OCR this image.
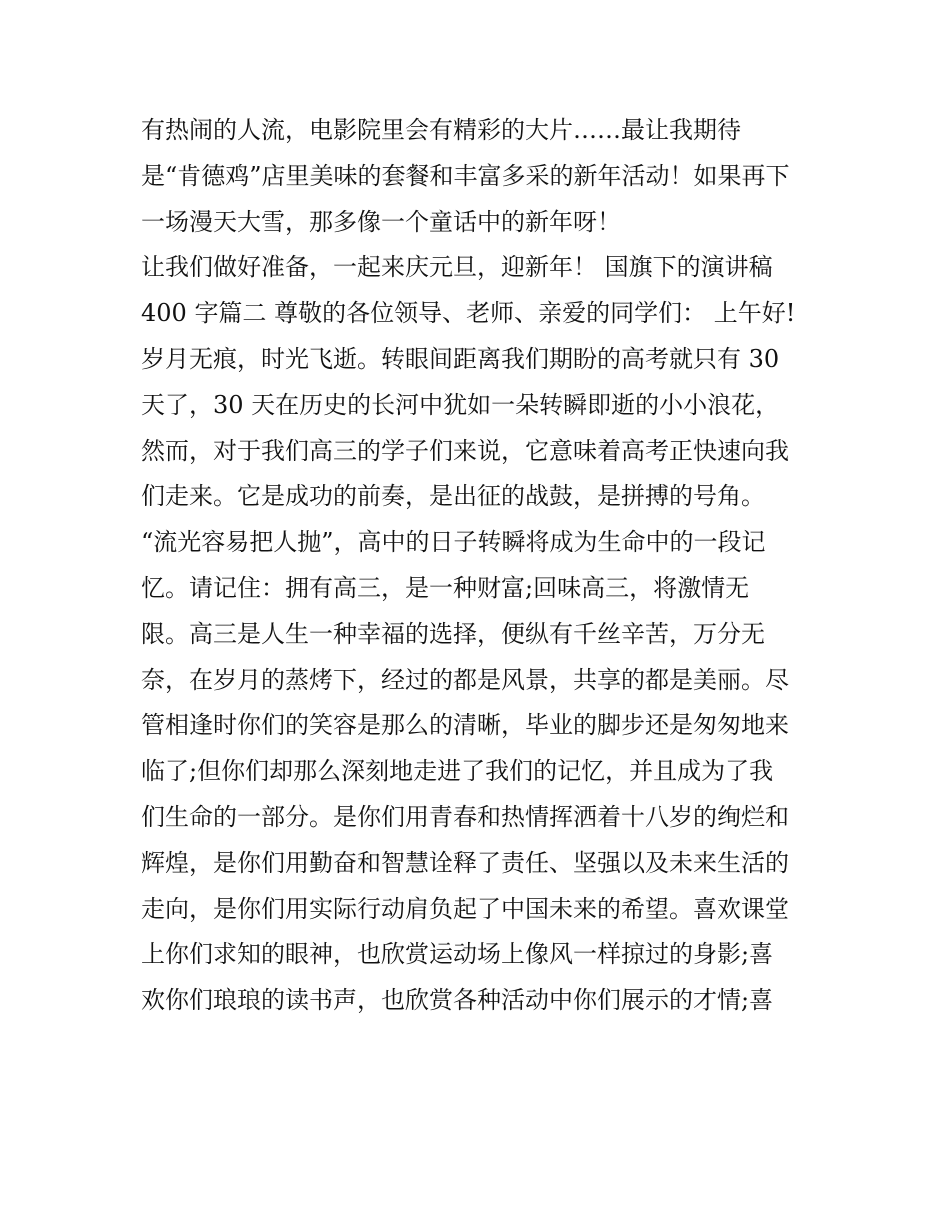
有热闹的人流，电影院里会有精彩的大片……最让我期待
是“肯德鸡”店里美味的套餐和丰富多采的新年活动！如果再下
一场漫天大雪，那多像一个童话中的新年呀！
让我们做好准备，一起来庆元旦，迎新年！ 国旗下的演讲稿
400 字篇二 尊敬的各位领导、老师、亲爱的同学们： 上午好!
岁月无痕，时光飞逝。转眼间距离我们期盼的高考就只有 30
天了，30 天在历史的长河中犹如一朵转瞬即逝的小小浪花，
然而，对于我们高三的学子们来说，它意味着高考正快速向我
们走来。它是成功的前奏，是出征的战鼓，是拼搏的号角。
“流光容易把人抛”，高中的日子转瞬将成为生命中的一段记
忆。请记住：拥有高三，是一种财富;回味高三，将激情无
限。高三是人生一种幸福的选择，便纵有千丝辛苦，万分无
奈，在岁月的蒸烤下，经过的都是风景，共享的都是美丽。尽
管相逢时你们的笑容是那么的清晰，毕业的脚步还是匆匆地来
临了;但你们却那么深刻地走进了我们的记忆，并且成为了我
们生命的一部分。是你们用青春和热情挥洒着十八岁的绚烂和
辉煌，是你们用勤奋和智慧诠释了责任、坚强以及未来生活的
走向，是你们用实际行动肩负起了中国未来的希望。喜欢课堂
上你们求知的眼神，也欣赏运动场上像风一样掠过的身影;喜
欢你们琅琅的读书声，也欣赏各种活动中你们展示的才情;喜
